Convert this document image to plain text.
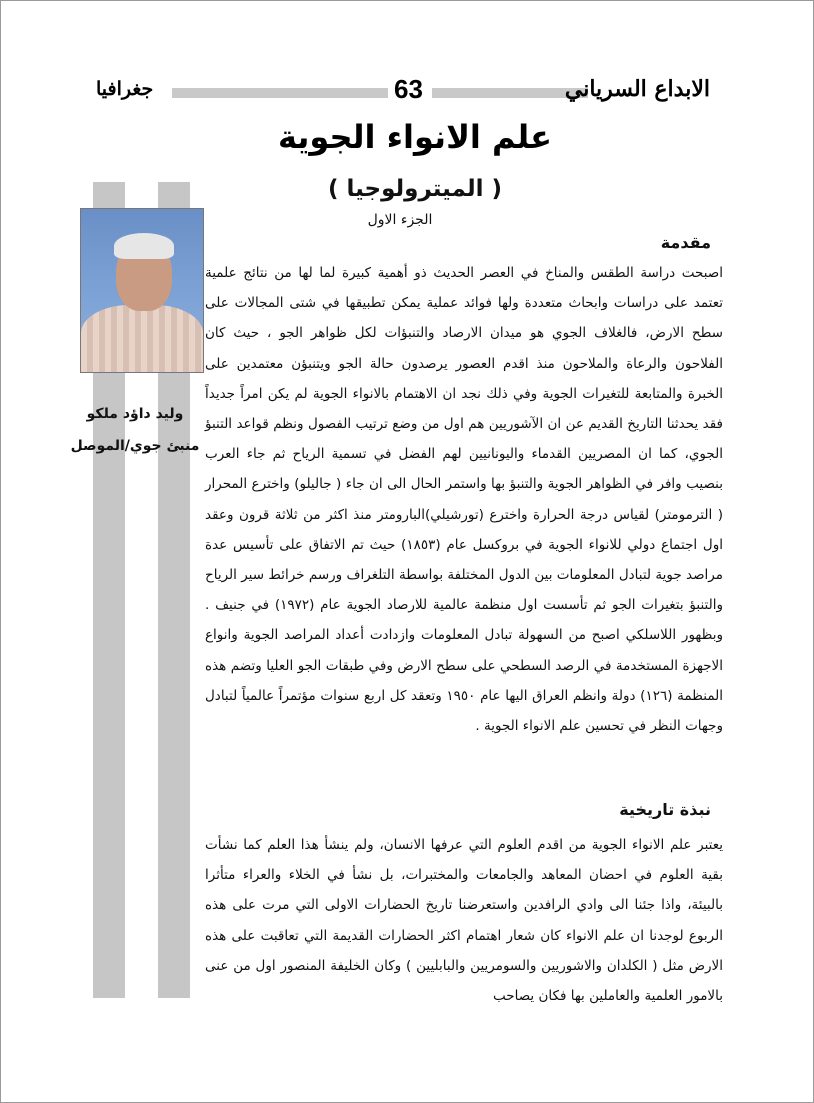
الابداع السرياني
63
جغرافيا
علم الانواء الجوية
( الميترولوجيا )
الجزء الاول
وليد داؤد ملكو
منبئ جوي/الموصل
مقدمة

اصبحت دراسة الطقس والمناخ في العصر الحديث ذو أهمية كبيرة لما لها من نتائج علمية تعتمد على دراسات وابحاث متعددة ولها فوائد عملية يمكن تطبيقها في شتى المجالات على سطح الارض، فالغلاف الجوي هو ميدان الارصاد والتنبؤات لكل ظواهر الجو ، حيث كان الفلاحون والرعاة والملاحون منذ اقدم العصور يرصدون حالة الجو ويتنبؤن معتمدين على الخبرة والمتابعة للتغيرات الجوية وفي ذلك نجد ان الاهتمام بالانواء الجوية لم يكن امراً جديداً فقد يحدثنا التاريخ القديم عن ان الآشوريين هم اول من وضع ترتيب الفصول ونظم قواعد التنبؤ الجوي، كما ان المصريين القدماء واليونانيين لهم الفضل في تسمية الرياح ثم جاء العرب بنصيب وافر في الظواهر الجوية والتنبؤ بها واستمر الحال الى ان جاء ( جاليلو) واخترع المحرار ( الترمومتر) لقياس درجة الحرارة واخترع (تورشيلي)البارومتر منذ اكثر من ثلاثة قرون وعقد اول اجتماع دولي للانواء الجوية في بروكسل عام (١٨٥٣) حيث تم الاتفاق على تأسيس عدة مراصد جوية لتبادل المعلومات بين الدول المختلفة بواسطة التلغراف ورسم خرائط سير الرياح والتنبؤ بتغيرات الجو ثم تأسست اول منظمة عالمية للارصاد الجوية عام (١٩٧٢) في جنيف . وبظهور اللاسلكي اصبح من السهولة تبادل المعلومات وازدادت أعداد المراصد الجوية وانواع الاجهزة المستخدمة في الرصد السطحي على سطح الارض وفي طبقات الجو العليا وتضم هذه المنظمة (١٢٦) دولة وانظم العراق اليها عام ١٩٥٠ وتعقد كل اربع سنوات مؤتمراً عالمياً لتبادل وجهات النظر في تحسين علم الانواء الجوية .

نبذة تاريخية

يعتبر علم الانواء الجوية من اقدم العلوم التي عرفها الانسان، ولم ينشأ هذا العلم كما نشأت بقية العلوم في احضان المعاهد والجامعات والمختبرات، بل نشأ في الخلاء والعراء متأثرا بالبيئة، واذا جئنا الى وادي الرافدين واستعرضنا تاريخ الحضارات الاولى التي مرت على هذه الربوع لوجدنا ان علم الانواء كان شعار اهتمام اكثر الحضارات القديمة التي تعاقبت على هذه الارض مثل ( الكلدان والاشوريين والسومريين والبابليين ) وكان الخليفة المنصور اول من عنى بالامور العلمية والعاملين بها فكان يصاحب
